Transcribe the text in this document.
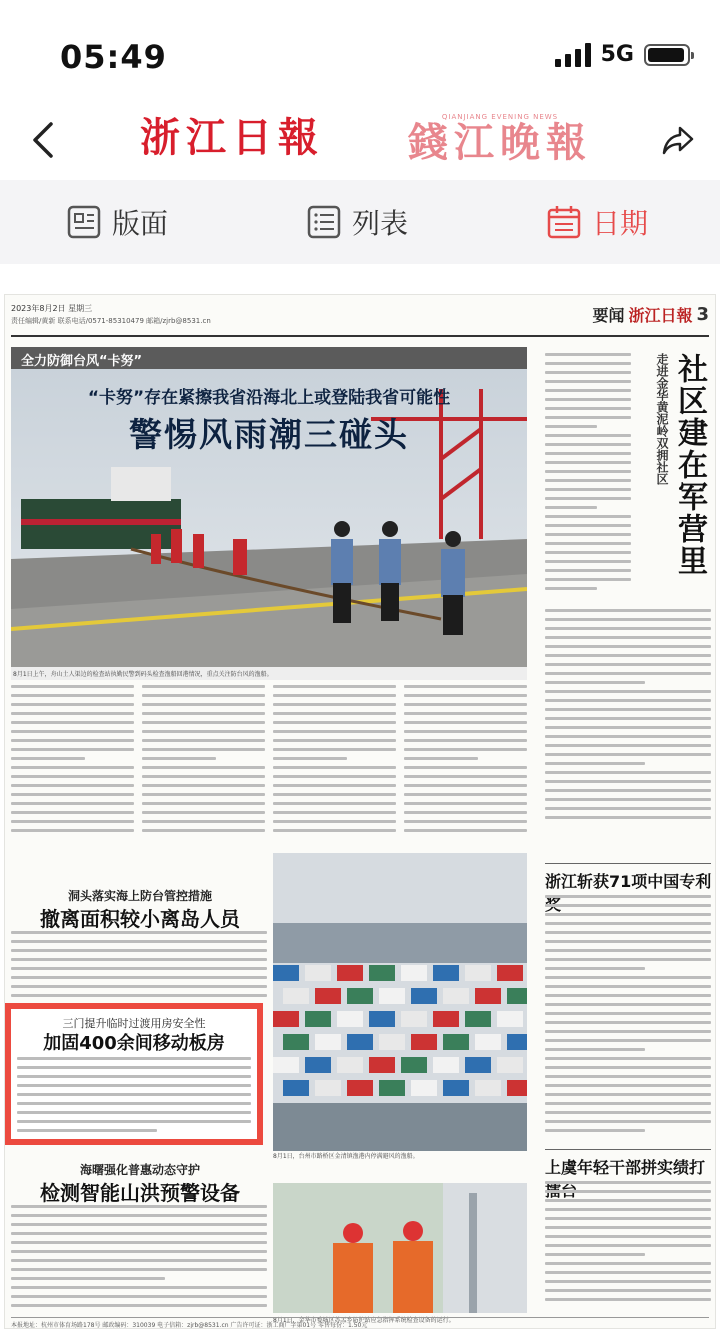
05:49	5G
浙江日報	QIANJIANG EVENING NEWS
錢江晚報
版面	列表	日期
2023年8月2日 星期三
责任编辑/黄新 联系电话/0571-85310479 邮箱/zjrb@8531.cn	要闻 浙江日報 3
全力防御台风“卡努”
“卡努”存在紧擦我省沿海北上或登陆我省可能性
警惕风雨潮三碰头
8月1日上午，舟山土人渠边的检查站执勤民警到码头检查渔船回港情况，重点关注防台风的渔船。
走进金华黄泥岭双拥社区 社区建在军营里
浙江斩获71项中国专利
上虞年轻干部拼实绩打
洞头落实海上防台管控措施
撤离面积较小离岛人员
三门提升临时过渡用房安全性
加固400余间移动板房
8月1日，台州市路桥区金清镇渔港内停满避风的渔船。
海曙强化普惠动态守护
检测智能山洪预警设备
8月1日，金华市婺城区苏孟乡防护站应急指挥系统检查设备的运行。
本报地址：杭州市体育场路178号 邮政编码：310039 电子信箱：zjrb@8531.cn 广告许可证：浙工商广字第01号 零售每份：1.50元
